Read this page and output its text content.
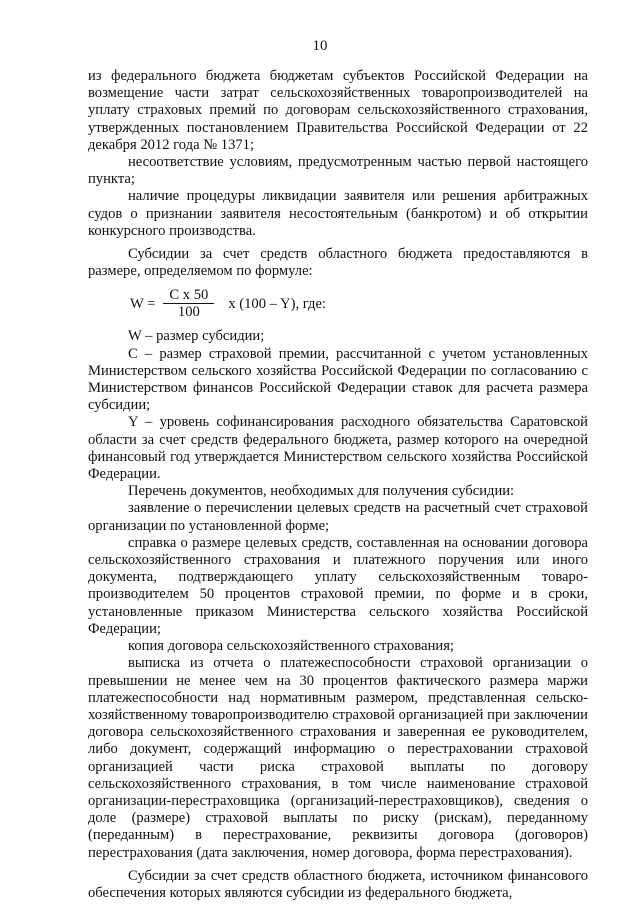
10

из федерального бюджета бюджетам субъектов Российской Федерации на возмещение части затрат сельскохозяйственных товаропроизводителей на уплату страховых премий по договорам сельскохозяйственного страхования, утвержденных постановлением Правительства Российской Федерации от 22 декабря 2012 года № 1371;

несоответствие условиям, предусмотренным частью первой настоящего пункта;

наличие процедуры ликвидации заявителя или решения арбитражных судов о признании заявителя несостоятельным (банкротом) и об открытии конкурсного производства.

Субсидии за счет средств областного бюджета предоставляются в размере, определяемом по формуле:

$W = \frac{\text{C x 50}}{100}$ x (100 – Y), где:

W – размер субсидии;

C – размер страховой премии, рассчитанной с учетом установленных Министерством сельского хозяйства Российской Федерации по согласованию с Министерством финансов Российской Федерации ставок для расчета размера субсидии;

Y – уровень софинансирования расходного обязательства Саратовской области за счет средств федерального бюджета, размер которого на очередной финансовый год утверждается Министерством сельского хозяйства Российской Федерации.

Перечень документов, необходимых для получения субсидии:

заявление о перечислении целевых средств на расчетный счет страховой организации по установленной форме;

справка о размере целевых средств, составленная на основании договора сельскохозяйственного страхования и платежного поручения или иного документа, подтверждающего уплату сельскохозяйственным товаро-производителем 50 процентов страховой премии, по форме и в сроки, установленные приказом Министерства сельского хозяйства Российской Федерации;

копия договора сельскохозяйственного страхования;

выписка из отчета о платежеспособности страховой организации о превышении не менее чем на 30 процентов фактического размера маржи платежеспособности над нормативным размером, представленная сельско-хозяйственному товаропроизводителю страховой организацией при заключении договора сельскохозяйственного страхования и заверенная ее руководителем, либо документ, содержащий информацию о перестраховании страховой организацией части риска страховой выплаты по договору сельскохозяйственного страхования, в том числе наименование страховой организации-перестраховщика (организаций-перестраховщиков), сведения о доле (размере) страховой выплаты по риску (рискам), переданному (переданным) в перестрахование, реквизиты договора (договоров) перестрахования (дата заключения, номер договора, форма перестрахования).

Субсидии за счет средств областного бюджета, источником финансового обеспечения которых являются субсидии из федерального бюджета,
